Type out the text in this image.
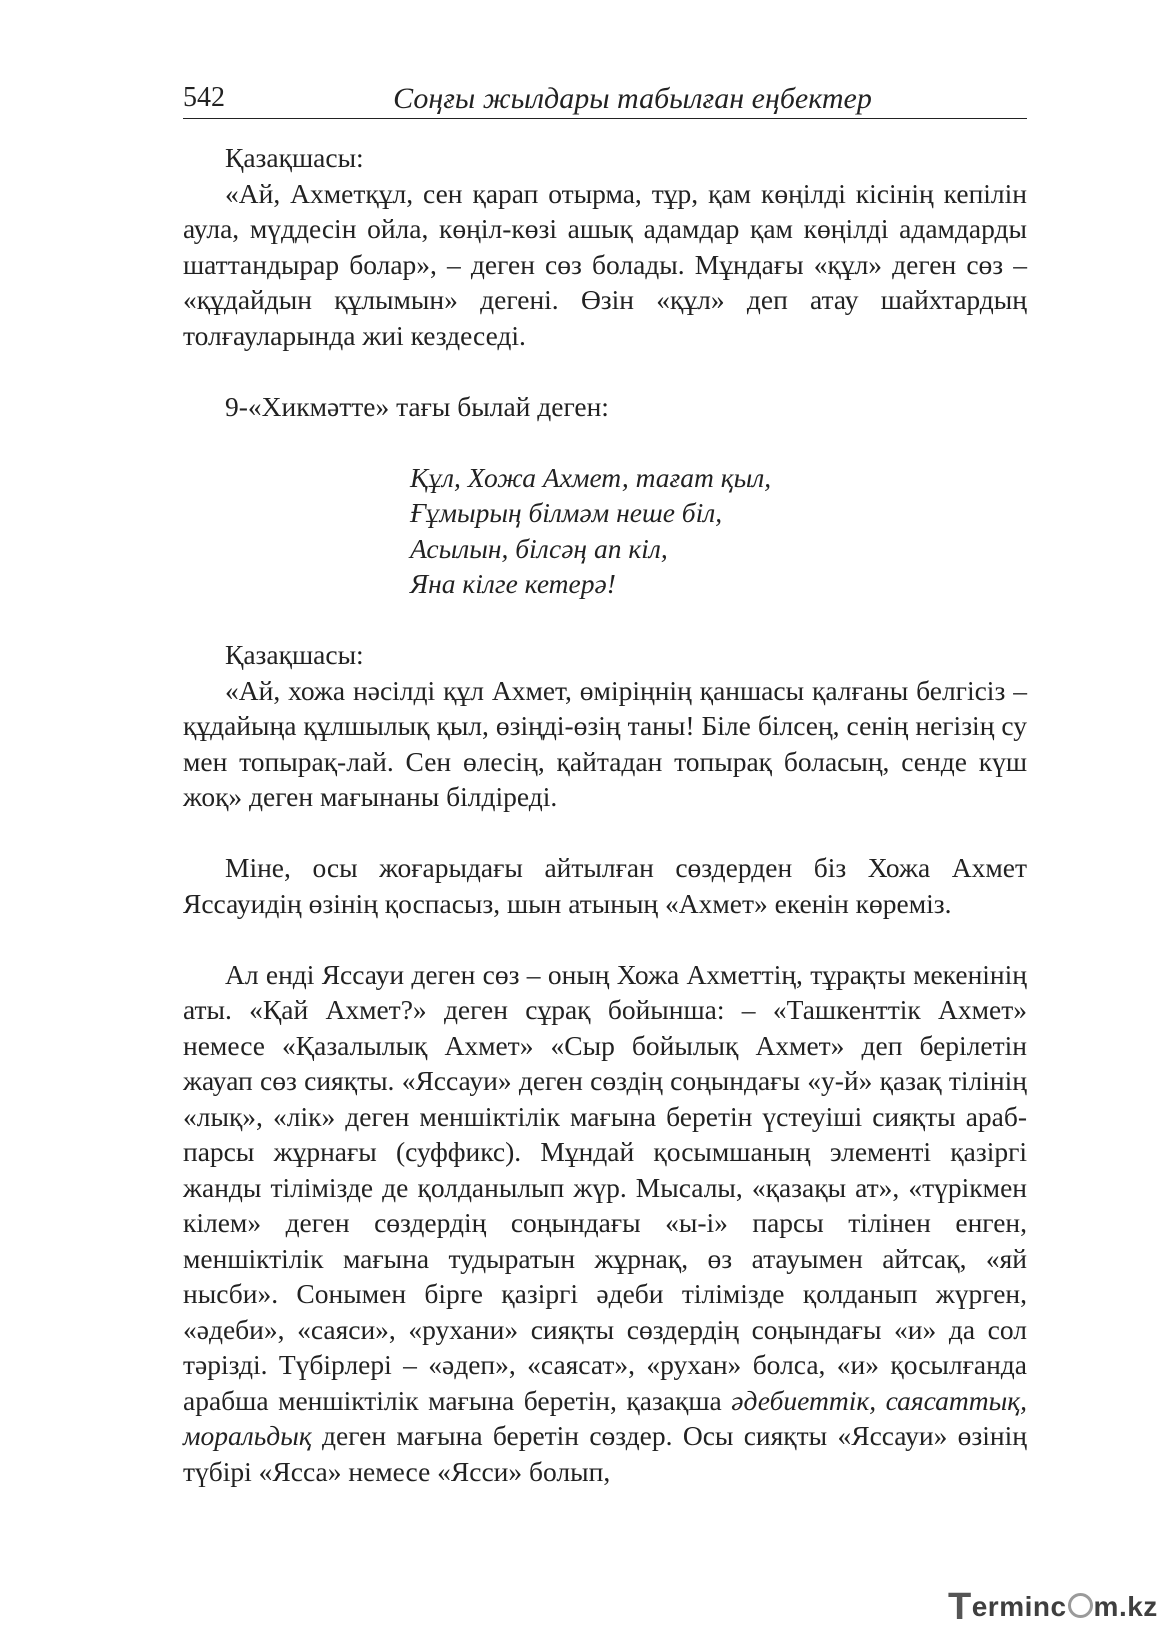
542	Соңғы жылдары табылған еңбектер

Қазақшасы:

«Ай, Ахметқұл, сен қарап отырма, тұр, қам көңілді кісінің кепілін аула, мүддесін ойла, көңіл-көзі ашық адамдар қам көңілді адамдарды шаттандырар болар», – деген сөз болады. Мұндағы «құл» деген сөз – «құдайдын құлымын» дегені. Өзін «құл» деп атау шайхтардың толғауларында жиі кездеседі.

9-«Хикмәтте» тағы былай деген:

Құл, Хожа Ахмет, тағат қыл,

Ғұмырың білмәм неше біл,

Асылын, білсәң ап кіл,

Яна кілге кетерә!

Қазақшасы:

«Ай, хожа нәсілді құл Ахмет, өміріңнің қаншасы қалғаны белгісіз – құдайыңа құлшылық қыл, өзіңді-өзің таны! Біле білсең, сенің негізің су мен топырақ-лай. Сен өлесің, қайтадан топырақ боласың, сенде күш жоқ» деген мағынаны білдіреді.

Міне, осы жоғарыдағы айтылған сөздерден біз Хожа Ахмет Яссауидің өзінің қоспасыз, шын атының «Ахмет» екенін көреміз.

Ал енді Яссауи деген сөз – оның Хожа Ахметтің, тұрақты мекенінің аты. «Қай Ахмет?» деген сұрақ бойынша: – «Ташкенттік Ахмет» немесе «Қазалылық Ахмет» «Сыр бойылық Ахмет» деп берілетін жауап сөз сияқты. «Яссауи» деген сөздің соңындағы «у-й» қазақ тілінің «лық», «лік» деген меншіктілік мағына беретін үстеуіші сияқты араб-парсы жұрнағы (суффикс). Мұндай қосымшаның элементі қазіргі жанды тілімізде де қолданылып жүр. Мысалы, «қазақы ат», «түрікмен кілем» деген сөздердің соңындағы «ы-і» парсы тілінен енген, меншіктілік мағына тудыратын жұрнақ, өз атауымен айтсақ, «яй нысби». Сонымен бірге қазіргі әдеби тілімізде қолданып жүрген, «әдеби», «саяси», «рухани» сияқты сөздердің соңындағы «и» да сол тәрізді. Түбірлері – «әдеп», «саясат», «рухан» болса, «и» қосылғанда арабша меншіктілік мағына беретін, қазақша әдебиеттік, саясаттық, моральдық деген мағына беретін сөздер. Осы сияқты «Яссауи» өзінің түбірі «Ясса» немесе «Ясси» болып,

Terminc m.kz
